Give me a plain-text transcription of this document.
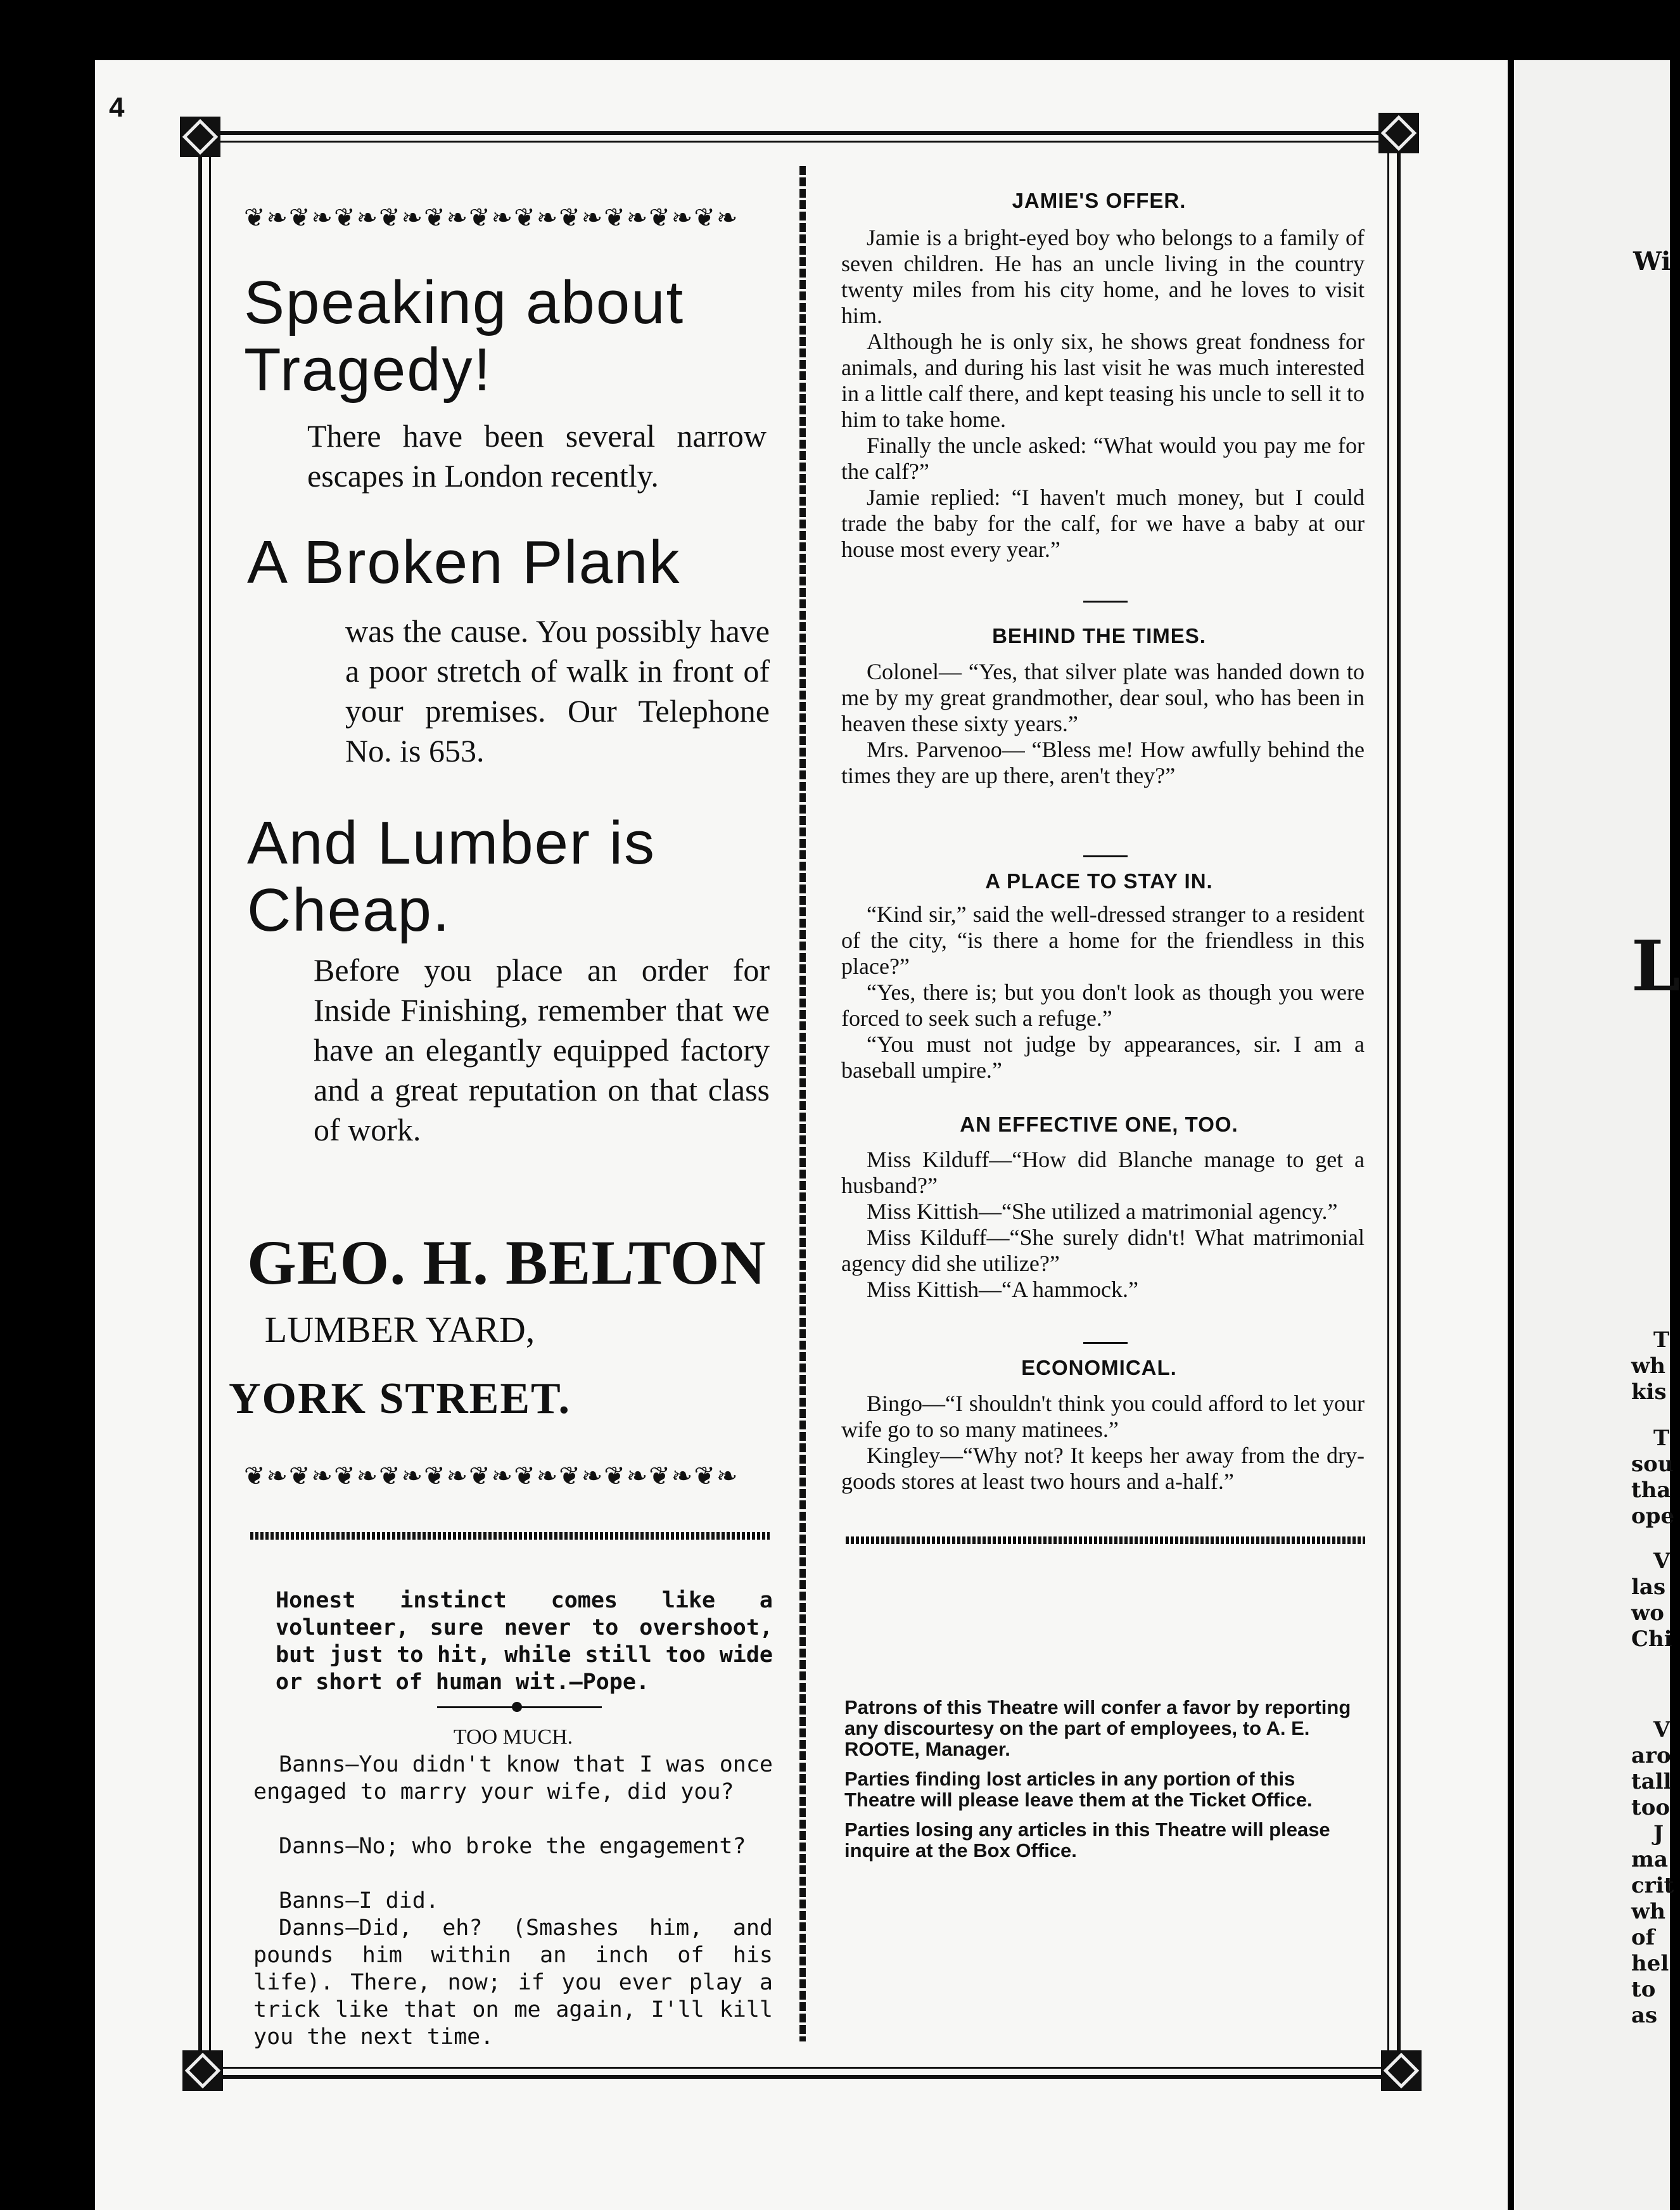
4
❦❧❦❧❦❧❦❧❦❧❦❧❦❧❦❧❦❧❦❧❦❧
Speaking about Tragedy!
There have been several narrow escapes in London recently.
A Broken Plank
was the cause. You possibly have a poor stretch of walk in front of your premises. Our Telephone No. is 653.
And Lumber is Cheap.
Before you place an order for Inside Finishing, remember that we have an elegantly equipped factory and a great reputation on that class of work.
GEO. H. BELTON
LUMBER YARD,
YORK STREET.
❦❧❦❧❦❧❦❧❦❧❦❧❦❧❦❧❦❧❦❧❦❧
Honest instinct comes like a volunteer, sure never to overshoot, but just to hit, while still too wide or short of human wit.—Pope.
TOO MUCH.
Banns—You didn't know that I was once engaged to marry your wife, did you?
Danns—No; who broke the engagement?
Banns—I did.
Danns—Did, eh? (Smashes him, and pounds him within an inch of his life). There, now; if you ever play a trick like that on me again, I'll kill you the next time.
JAMIE'S OFFER.

Jamie is a bright-eyed boy who belongs to a family of seven children. He has an uncle living in the country twenty miles from his city home, and he loves to visit him.

Although he is only six, he shows great fondness for animals, and during his last visit he was much interested in a little calf there, and kept teasing his uncle to sell it to him to take home.

Finally the uncle asked: “What would you pay me for the calf?”

Jamie replied: “I haven't much money, but I could trade the baby for the calf, for we have a baby at our house most every year.”

BEHIND THE TIMES.

Colonel— “Yes, that silver plate was handed down to me by my great grandmother, dear soul, who has been in heaven these sixty years.”

Mrs. Parvenoo— “Bless me! How awfully behind the times they are up there, aren't they?”

A PLACE TO STAY IN.

“Kind sir,” said the well-dressed stranger to a resident of the city, “is there a home for the friendless in this place?”

“Yes, there is; but you don't look as though you were forced to seek such a refuge.”

“You must not judge by appearances, sir. I am a baseball umpire.”

AN EFFECTIVE ONE, TOO.

Miss Kilduff—“How did Blanche manage to get a husband?”

Miss Kittish—“She utilized a matrimonial agency.”

Miss Kilduff—“She surely didn't! What matrimonial agency did she utilize?”

Miss Kittish—“A hammock.”

ECONOMICAL.

Bingo—“I shouldn't think you could afford to let your wife go to so many matinees.”

Kingley—“Why not? It keeps her away from the dry-goods stores at least two hours and a-half.”

Patrons of this Theatre will confer a favor by reporting any discourtesy on the part of employees, to A. E. ROOTE, Manager.

Parties finding lost articles in any portion of this Theatre will please leave them at the Ticket Office.

Parties losing any articles in this Theatre will please inquire at the Box Office.

Wi
L
T
wh
kis
T
sou
tha
ope
V
las
wo
Chi
V
aro
tall
too
J
ma
crit
wh
of
hel
to
as
